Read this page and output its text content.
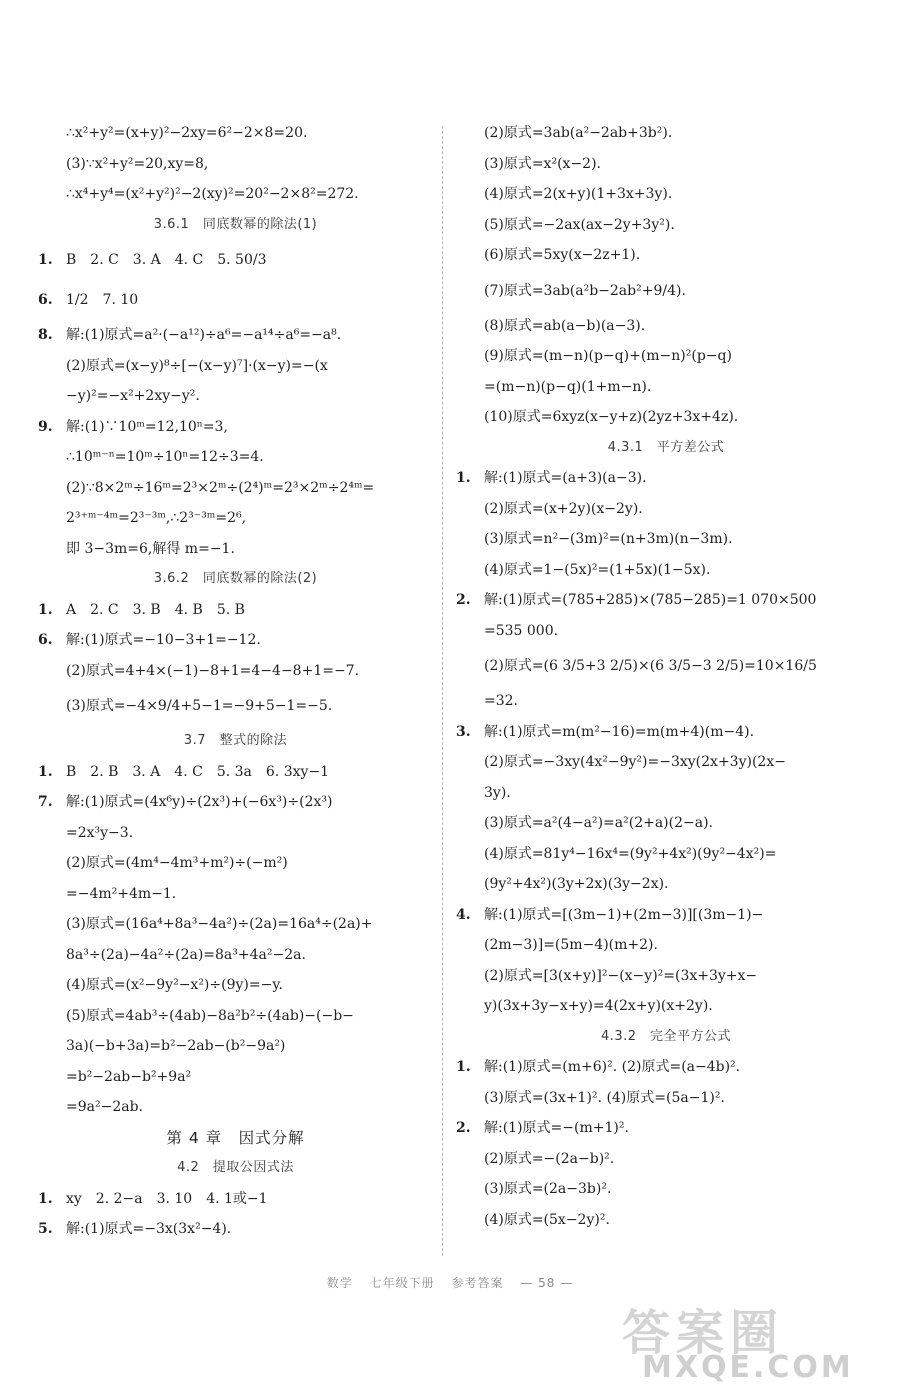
∴x²+y²=(x+y)²−2xy=6²−2×8=20.
(3)∵x²+y²=20,xy=8,
∴x⁴+y⁴=(x²+y²)²−2(xy)²=20²−2×8²=272.
3.6.1　同底数幂的除法(1)
1. B　2. C　3. A　4. C　5. 50/3
6. 1/2　7. 10
8. 解:(1)原式=a²·(−a¹²)÷a⁶=−a¹⁴÷a⁶=−a⁸.
(2)原式=(x−y)⁸÷[−(x−y)⁷]·(x−y)=−(x
−y)²=−x²+2xy−y².
9. 解:(1)∵10ᵐ=12,10ⁿ=3,
∴10ᵐ⁻ⁿ=10ᵐ÷10ⁿ=12÷3=4.
(2)∵8×2ᵐ÷16ᵐ=2³×2ᵐ÷(2⁴)ᵐ=2³×2ᵐ÷2⁴ᵐ=
2³⁺ᵐ⁻⁴ᵐ=2³⁻³ᵐ,∴2³⁻³ᵐ=2⁶,
即 3−3m=6,解得 m=−1.
3.6.2　同底数幂的除法(2)
1. A　2. C　3. B　4. B　5. B
6. 解:(1)原式=−10−3+1=−12.
(2)原式=4+4×(−1)−8+1=4−4−8+1=−7.
(3)原式=−4×9/4+5−1=−9+5−1=−5.
3.7　整式的除法
1. B　2. B　3. A　4. C　5. 3a　6. 3xy−1
7. 解:(1)原式=(4x⁶y)÷(2x³)+(−6x³)÷(2x³)
=2x³y−3.
(2)原式=(4m⁴−4m³+m²)÷(−m²)
=−4m²+4m−1.
(3)原式=(16a⁴+8a³−4a²)÷(2a)=16a⁴÷(2a)+
8a³÷(2a)−4a²÷(2a)=8a³+4a²−2a.
(4)原式=(x²−9y²−x²)÷(9y)=−y.
(5)原式=4ab³÷(4ab)−8a²b²÷(4ab)−(−b−
3a)(−b+3a)=b²−2ab−(b²−9a²)
=b²−2ab−b²+9a²
=9a²−2ab.
第 4 章　因式分解
4.2　提取公因式法
1. xy　2. 2−a　3. 10　4. 1或−1
5. 解:(1)原式=−3x(3x²−4).
(2)原式=3ab(a²−2ab+3b²).
(3)原式=x²(x−2).
(4)原式=2(x+y)(1+3x+3y).
(5)原式=−2ax(ax−2y+3y²).
(6)原式=5xy(x−2z+1).
(7)原式=3ab(a²b−2ab²+9/4).
(8)原式=ab(a−b)(a−3).
(9)原式=(m−n)(p−q)+(m−n)²(p−q)
=(m−n)(p−q)(1+m−n).
(10)原式=6xyz(x−y+z)(2yz+3x+4z).
4.3.1　平方差公式
1. 解:(1)原式=(a+3)(a−3).
(2)原式=(x+2y)(x−2y).
(3)原式=n²−(3m)²=(n+3m)(n−3m).
(4)原式=1−(5x)²=(1+5x)(1−5x).
2. 解:(1)原式=(785+285)×(785−285)=1 070×500
=535 000.
(2)原式=(6 3/5+3 2/5)×(6 3/5−3 2/5)=10×16/5
=32.
3. 解:(1)原式=m(m²−16)=m(m+4)(m−4).
(2)原式=−3xy(4x²−9y²)=−3xy(2x+3y)(2x−
3y).
(3)原式=a²(4−a²)=a²(2+a)(2−a).
(4)原式=81y⁴−16x⁴=(9y²+4x²)(9y²−4x²)=
(9y²+4x²)(3y+2x)(3y−2x).
4. 解:(1)原式=[(3m−1)+(2m−3)][(3m−1)−
(2m−3)]=(5m−4)(m+2).
(2)原式=[3(x+y)]²−(x−y)²=(3x+3y+x−
y)(3x+3y−x+y)=4(2x+y)(x+2y).
4.3.2　完全平方公式
1. 解:(1)原式=(m+6)². (2)原式=(a−4b)².
(3)原式=(3x+1)². (4)原式=(5a−1)².
2. 解:(1)原式=−(m+1)².
(2)原式=−(2a−b)².
(3)原式=(2a−3b)².
(4)原式=(5x−2y)².
数学 七年级下册 参考答案 — 58 —
答案圈
MXQE.COM
